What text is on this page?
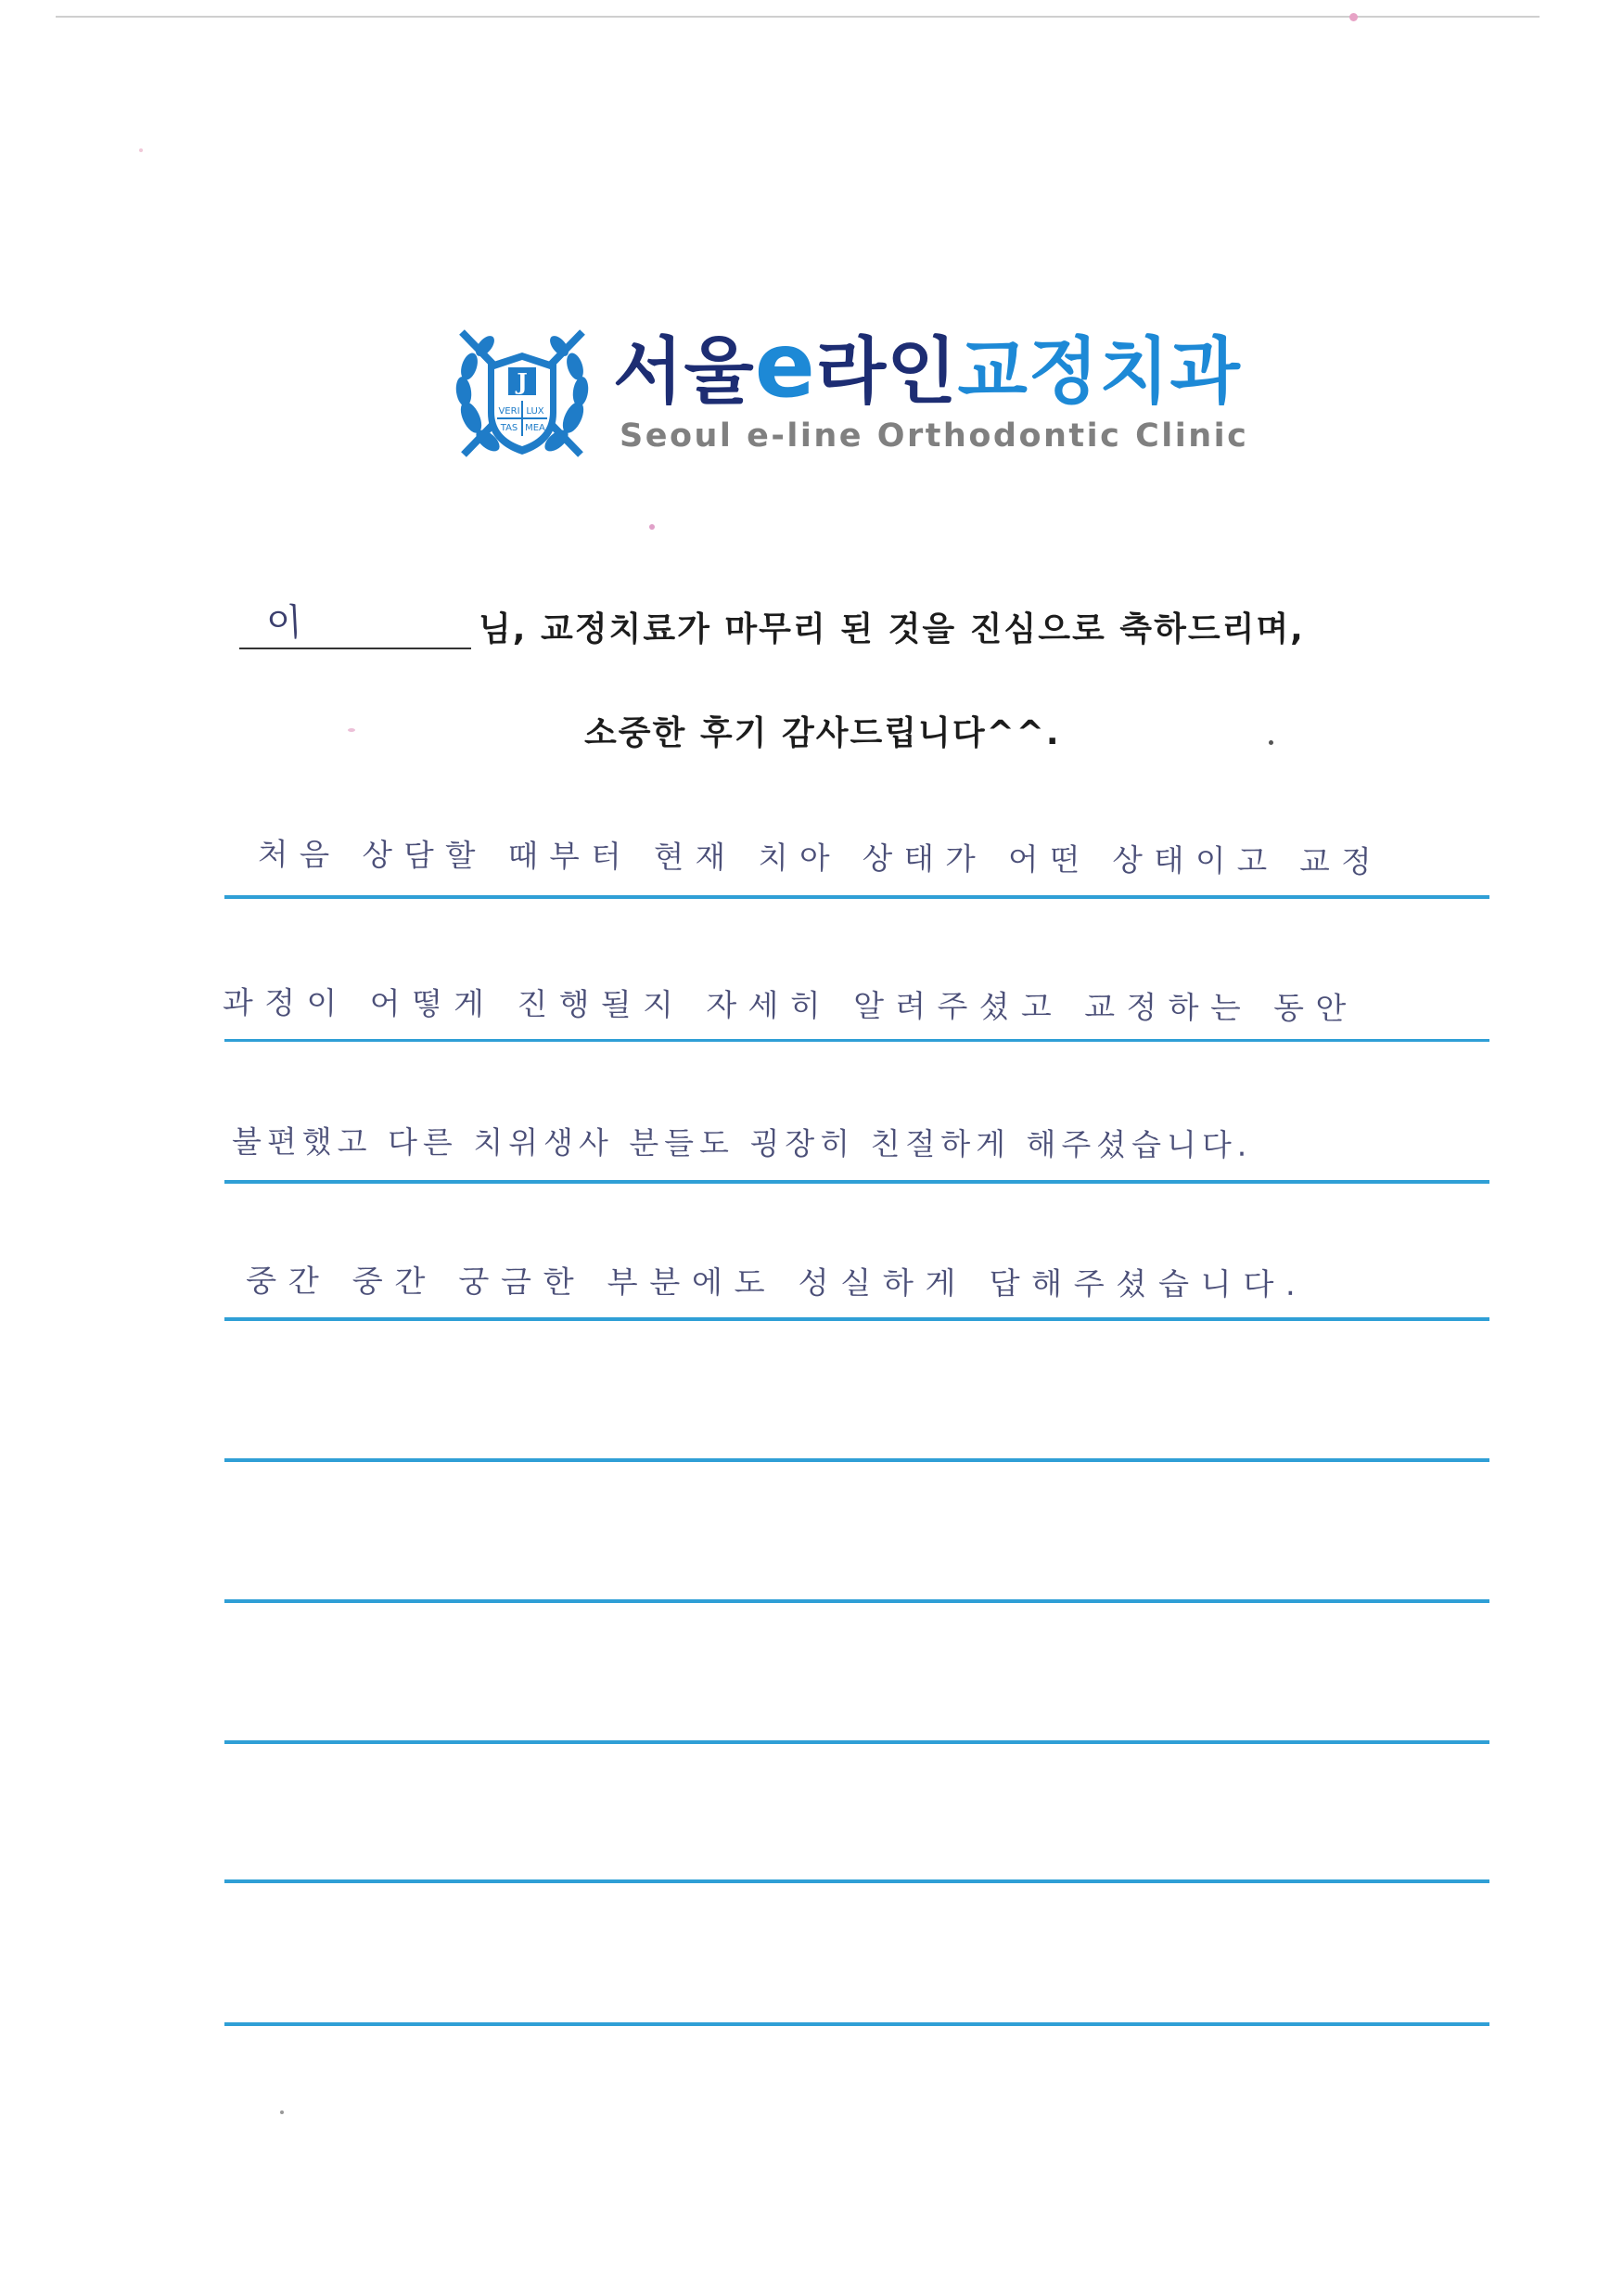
J
VERI LUX
TAS MEA
서울e라인교정치과
Seoul e-line Orthodontic Clinic
이	님, 교정치료가 마무리 된 것을 진심으로 축하드리며,
소중한 후기 감사드립니다^^.
처음 상담할 때부터 현재 치아 상태가 어떤 상태이고 교정
과정이 어떻게 진행될지 자세히 알려주셨고 교정하는 동안
불편했고 다른 치위생사 분들도 굉장히 친절하게 해주셨습니다.
중간 중간 궁금한 부분에도 성실하게 답해주셨습니다.
